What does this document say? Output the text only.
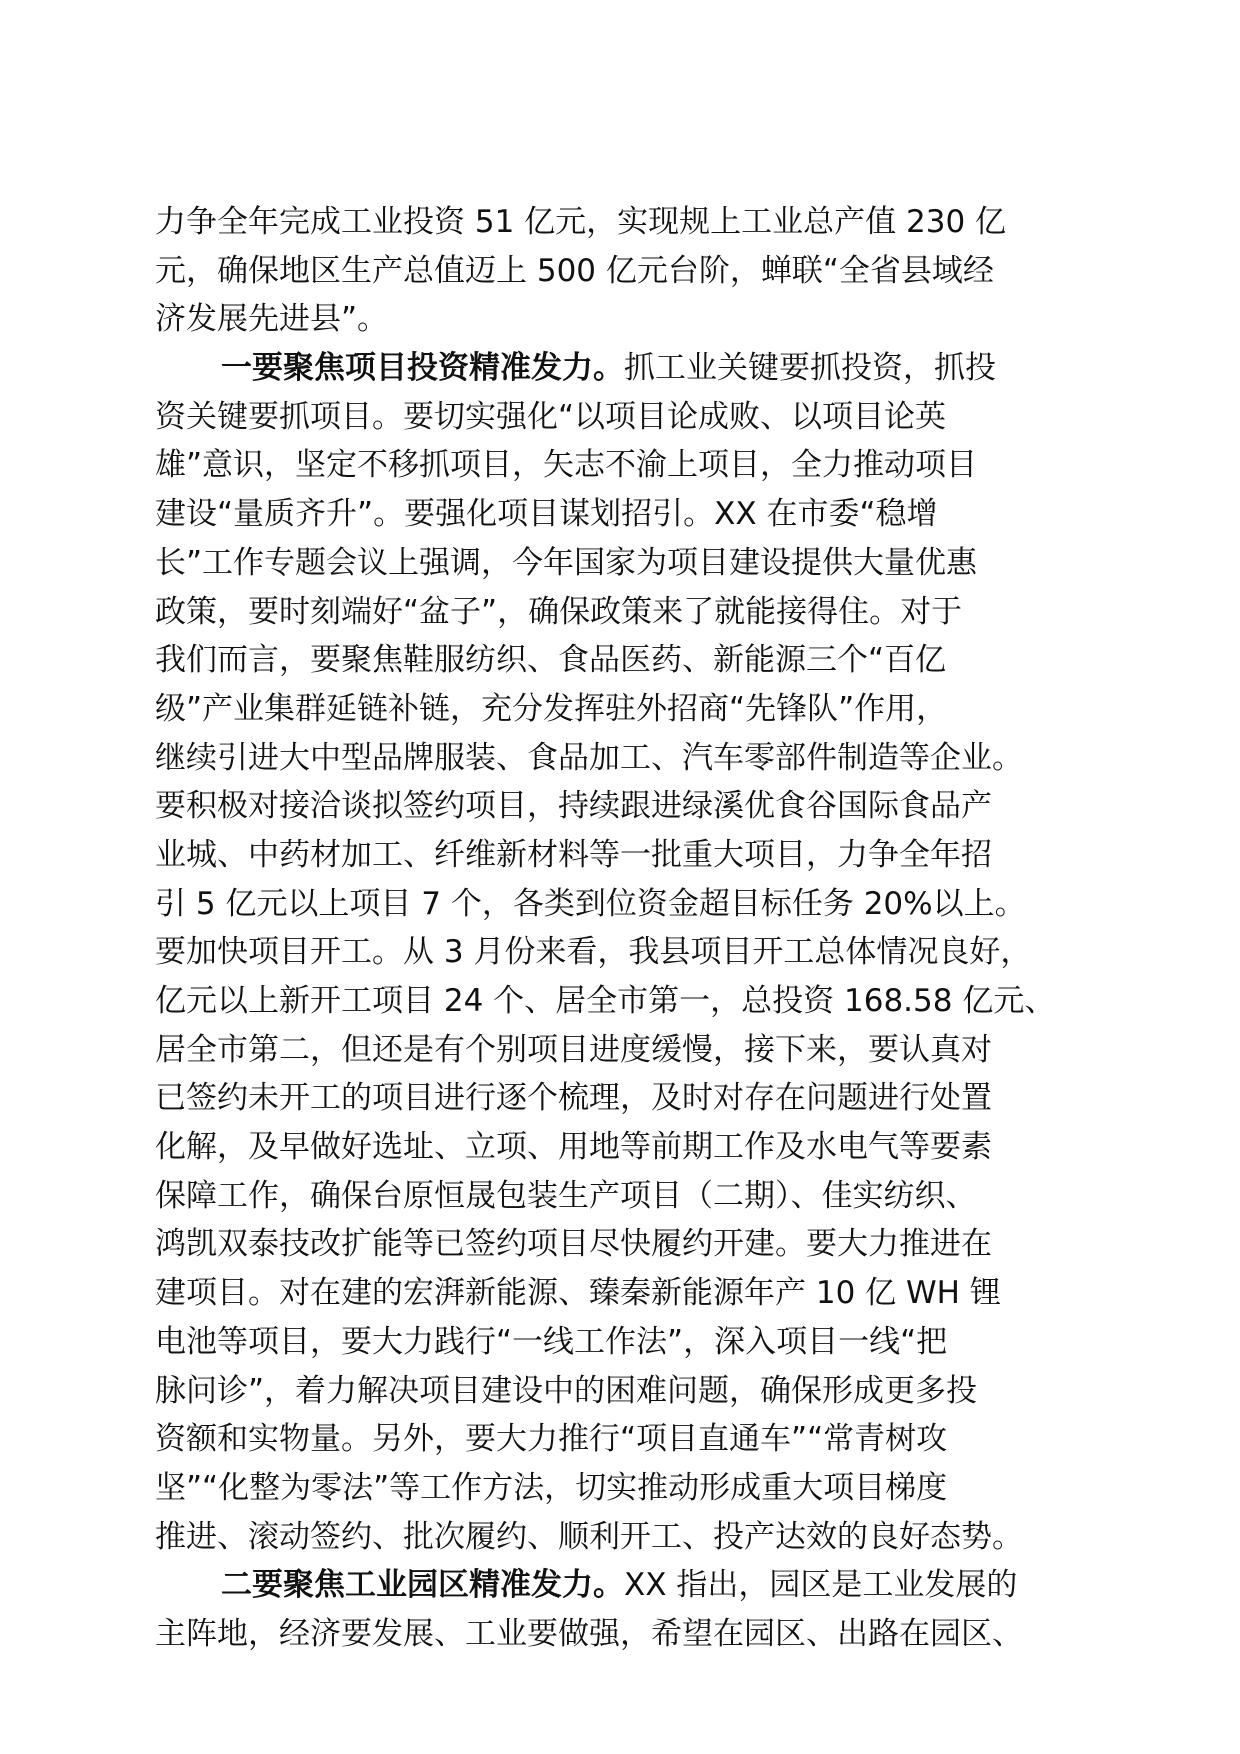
力争全年完成工业投资 51 亿元，实现规上工业总产值 230 亿
元，确保地区生产总值迈上 500 亿元台阶，蝉联“全省县域经
济发展先进县”。
一要聚焦项目投资精准发力。抓工业关键要抓投资，抓投
资关键要抓项目。要切实强化“以项目论成败、以项目论英
雄”意识，坚定不移抓项目，矢志不渝上项目，全力推动项目
建设“量质齐升”。要强化项目谋划招引。XX 在市委“稳增
长”工作专题会议上强调，今年国家为项目建设提供大量优惠
政策，要时刻端好“盆子”，确保政策来了就能接得住。对于
我们而言，要聚焦鞋服纺织、食品医药、新能源三个“百亿
级”产业集群延链补链，充分发挥驻外招商“先锋队”作用，
继续引进大中型品牌服装、食品加工、汽车零部件制造等企业。
要积极对接洽谈拟签约项目，持续跟进绿溪优食谷国际食品产
业城、中药材加工、纤维新材料等一批重大项目，力争全年招
引 5 亿元以上项目 7 个，各类到位资金超目标任务 20%以上。
要加快项目开工。从 3 月份来看，我县项目开工总体情况良好，
亿元以上新开工项目 24 个、居全市第一，总投资 168.58 亿元、
居全市第二，但还是有个别项目进度缓慢，接下来，要认真对
已签约未开工的项目进行逐个梳理，及时对存在问题进行处置
化解，及早做好选址、立项、用地等前期工作及水电气等要素
保障工作，确保台原恒晟包装生产项目（二期）、佳实纺织、
鸿凯双泰技改扩能等已签约项目尽快履约开建。要大力推进在
建项目。对在建的宏湃新能源、臻秦新能源年产 10 亿 WH 锂
电池等项目，要大力践行“一线工作法”，深入项目一线“把
脉问诊”，着力解决项目建设中的困难问题，确保形成更多投
资额和实物量。另外，要大力推行“项目直通车”“常青树攻
坚”“化整为零法”等工作方法，切实推动形成重大项目梯度
推进、滚动签约、批次履约、顺利开工、投产达效的良好态势。
二要聚焦工业园区精准发力。XX 指出，园区是工业发展的
主阵地，经济要发展、工业要做强，希望在园区、出路在园区、
